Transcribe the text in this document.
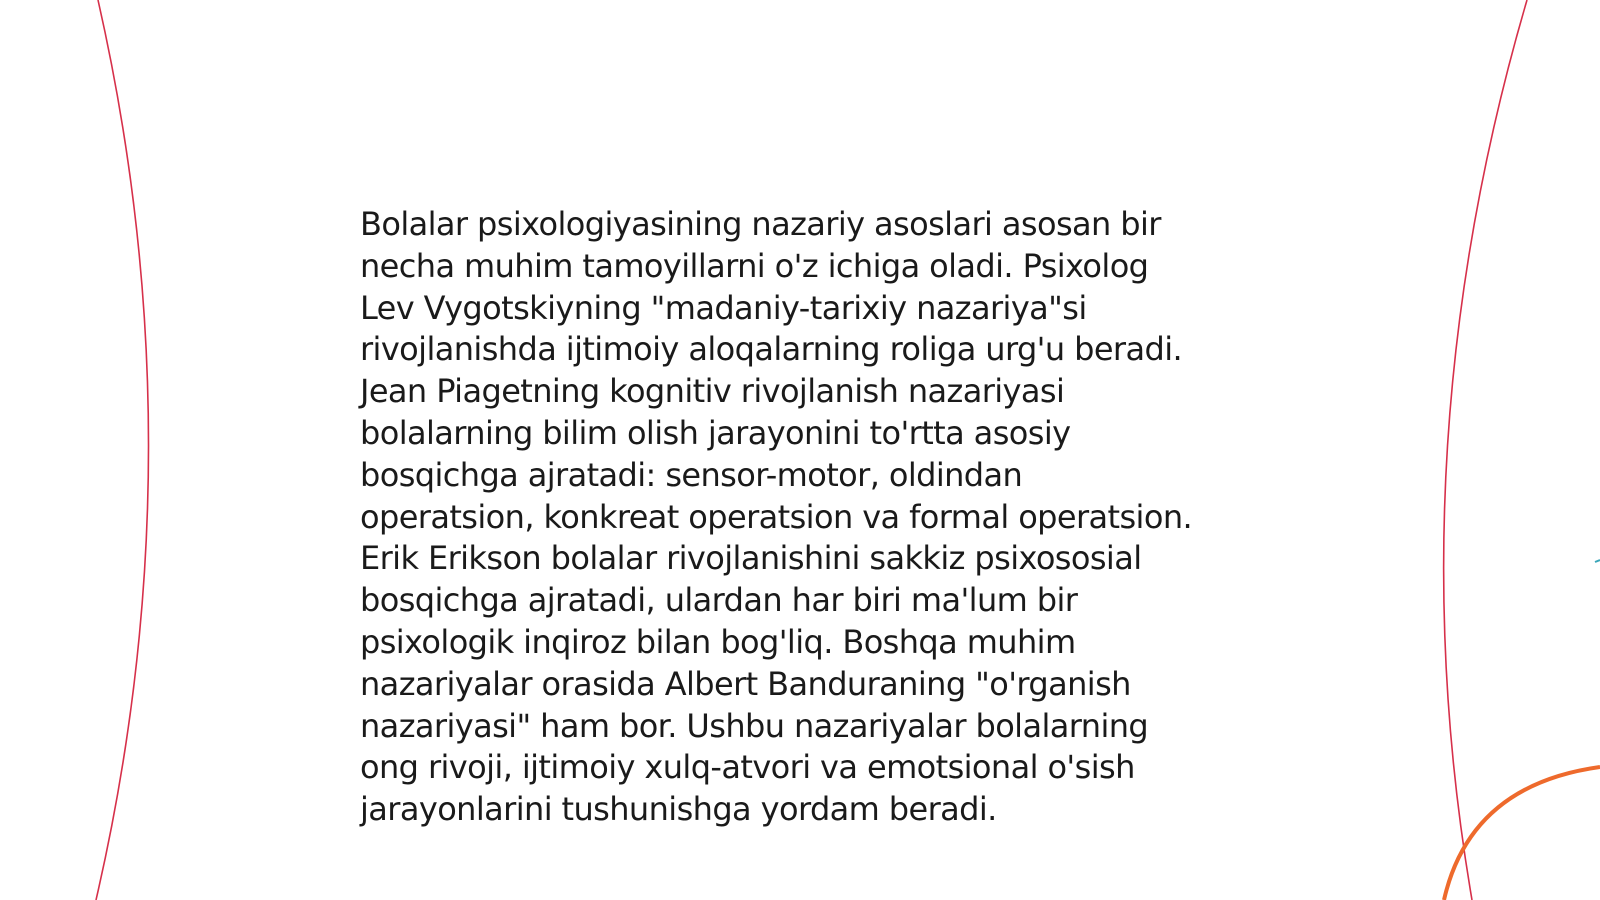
Bolalar psixologiyasining nazariy asoslari asosan bir
necha muhim tamoyillarni o'z ichiga oladi. Psixolog
Lev Vygotskiyning "madaniy-tarixiy nazariya"si
rivojlanishda ijtimoiy aloqalarning roliga urg'u beradi.
Jean Piagetning kognitiv rivojlanish nazariyasi
bolalarning bilim olish jarayonini to'rtta asosiy
bosqichga ajratadi: sensor-motor, oldindan
operatsion, konkreat operatsion va formal operatsion.
Erik Erikson bolalar rivojlanishini sakkiz psixososial
bosqichga ajratadi, ulardan har biri ma'lum bir
psixologik inqiroz bilan bog'liq. Boshqa muhim
nazariyalar orasida Albert Banduraning "o'rganish
nazariyasi" ham bor. Ushbu nazariyalar bolalarning
ong rivoji, ijtimoiy xulq-atvori va emotsional o'sish
jarayonlarini tushunishga yordam beradi.
